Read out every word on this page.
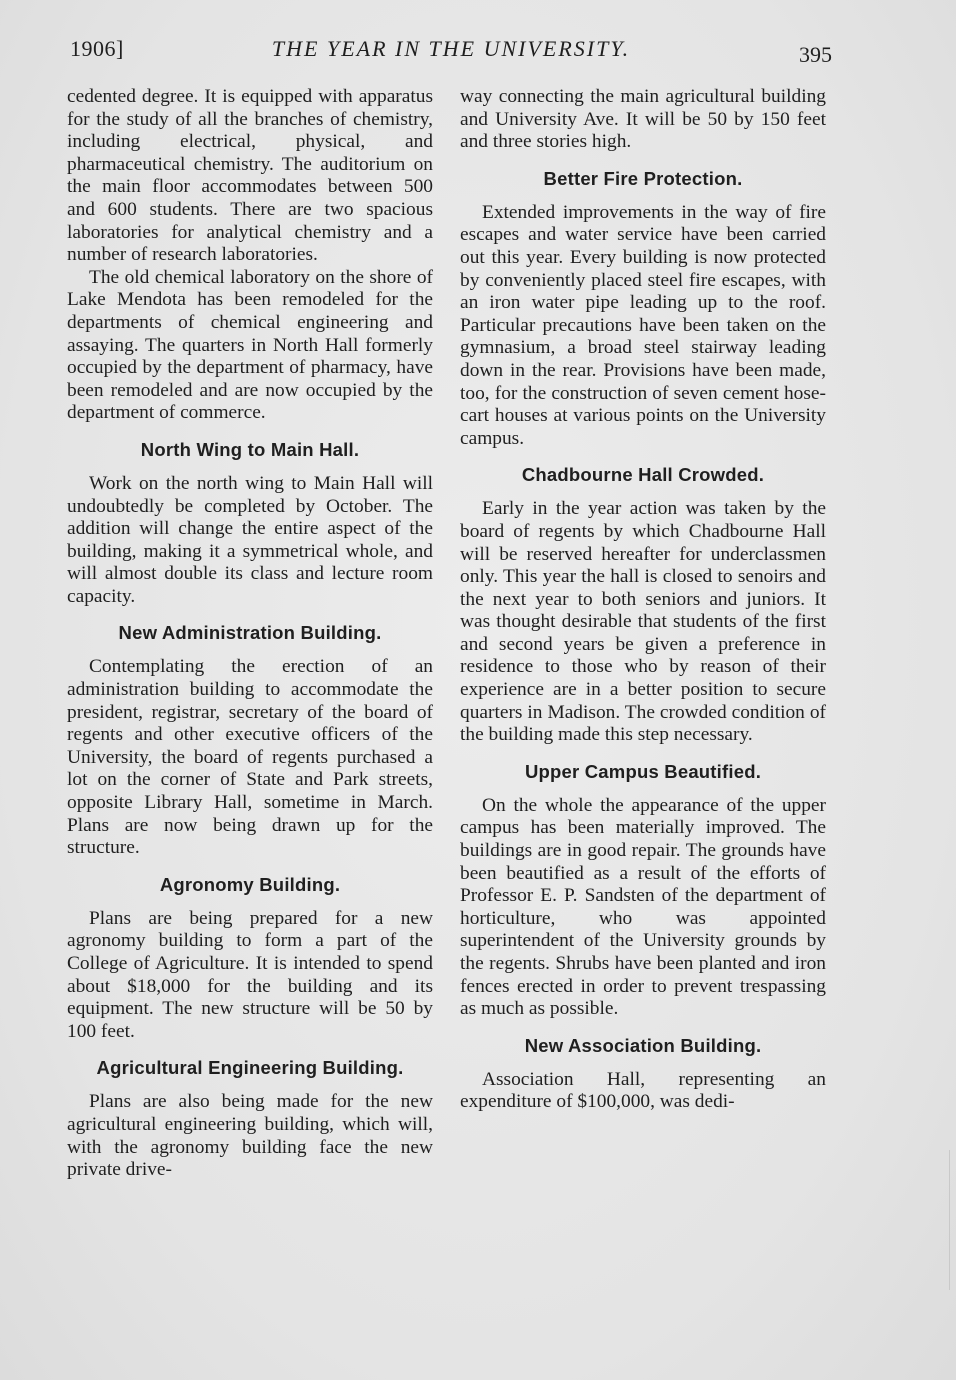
1906]	THE YEAR IN THE UNIVERSITY.	395

cedented degree. It is equipped with apparatus for the study of all the branches of chemistry, including electrical, physical, and pharmaceutical chemistry. The auditorium on the main floor accommodates between 500 and 600 students. There are two spacious laboratories for analytical chemistry and a number of research laboratories.

The old chemical laboratory on the shore of Lake Mendota has been remodeled for the departments of chemical engineering and assaying. The quarters in North Hall formerly occupied by the department of pharmacy, have been remodeled and are now occupied by the department of commerce.

North Wing to Main Hall.

Work on the north wing to Main Hall will undoubtedly be completed by October. The addition will change the entire aspect of the building, making it a symmetrical whole, and will almost double its class and lecture room capacity.

New Administration Building.

Contemplating the erection of an administration building to accommodate the president, registrar, secretary of the board of regents and other executive officers of the University, the board of regents purchased a lot on the corner of State and Park streets, opposite Library Hall, sometime in March. Plans are now being drawn up for the structure.

Agronomy Building.

Plans are being prepared for a new agronomy building to form a part of the College of Agriculture. It is intended to spend about $18,000 for the building and its equipment. The new structure will be 50 by 100 feet.

Agricultural Engineering Building.

Plans are also being made for the new agricultural engineering building, which will, with the agronomy building face the new private drive-

way connecting the main agricultural building and University Ave. It will be 50 by 150 feet and three stories high.

Better Fire Protection.

Extended improvements in the way of fire escapes and water service have been carried out this year. Every building is now protected by conveniently placed steel fire escapes, with an iron water pipe leading up to the roof. Particular precautions have been taken on the gymnasium, a broad steel stairway leading down in the rear. Provisions have been made, too, for the construction of seven cement hose-cart houses at various points on the University campus.

Chadbourne Hall Crowded.

Early in the year action was taken by the board of regents by which Chadbourne Hall will be reserved hereafter for underclassmen only. This year the hall is closed to senoirs and the next year to both seniors and juniors. It was thought desirable that students of the first and second years be given a preference in residence to those who by reason of their experience are in a better position to secure quarters in Madison. The crowded condition of the building made this step necessary.

Upper Campus Beautified.

On the whole the appearance of the upper campus has been materially improved. The buildings are in good repair. The grounds have been beautified as a result of the efforts of Professor E. P. Sandsten of the department of horticulture, who was appointed superintendent of the University grounds by the regents. Shrubs have been planted and iron fences erected in order to prevent trespassing as much as possible.

New Association Building.

Association Hall, representing an expenditure of $100,000, was dedi-
